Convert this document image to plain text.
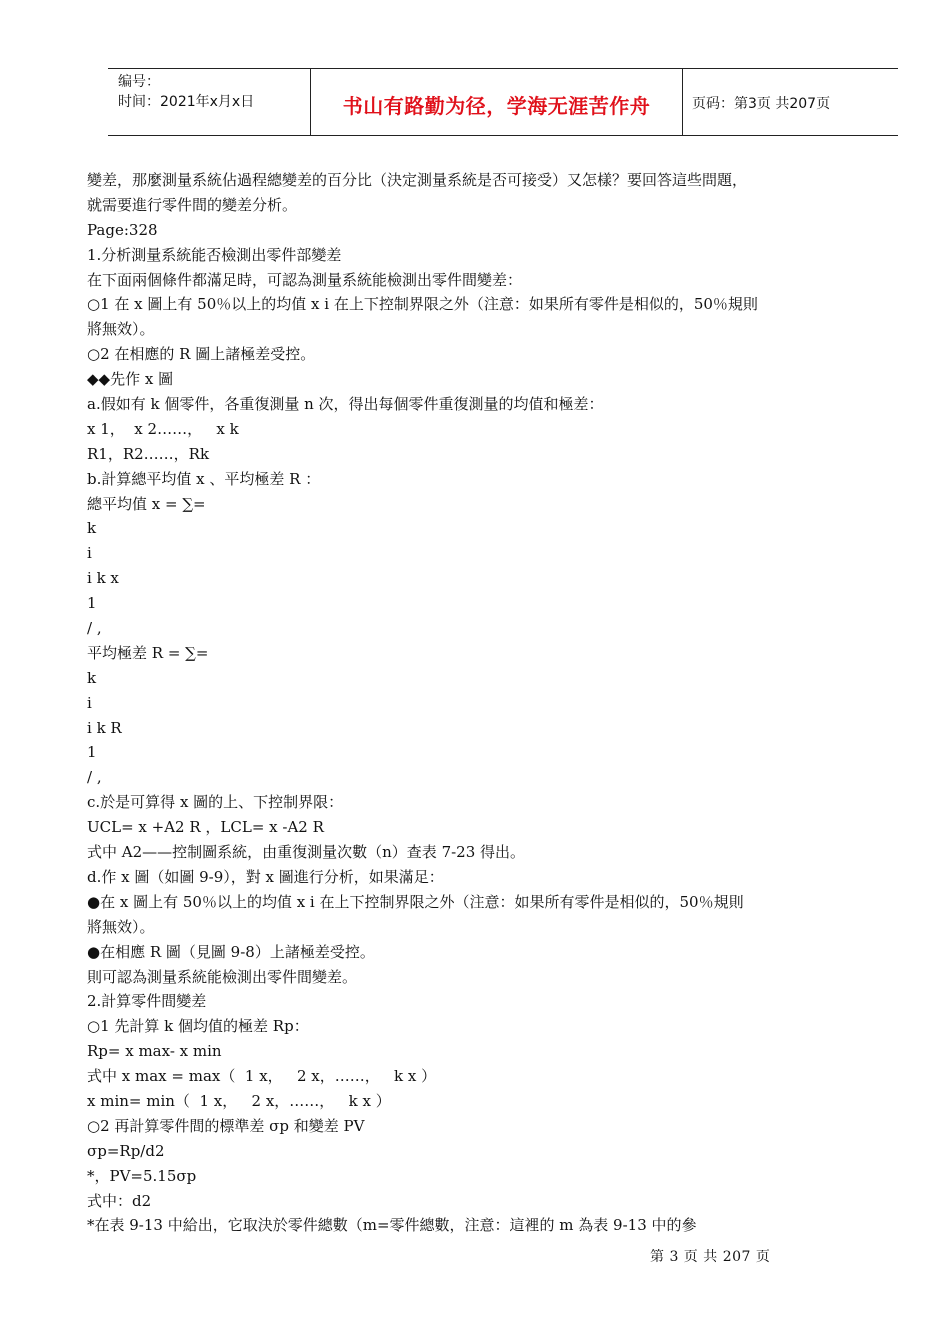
编号：
时间：2021年x月x日	书山有路勤为径，学海无涯苦作舟	页码：第3页 共207页
變差，那麼測量系統佔過程總變差的百分比（決定測量系統是否可接受）又怎樣？要回答這些問題，
就需要進行零件間的變差分析。
Page:328
1.分析測量系統能否檢測出零件部變差
在下面兩個條件都滿足時，可認為測量系統能檢測出零件間變差：
○1 在 x 圖上有 50％以上的均值 x i 在上下控制界限之外（注意：如果所有零件是相似的，50％規則
將無效）。
○2 在相應的 R 圖上諸極差受控。
◆◆先作 x 圖
a.假如有 k 個零件，各重復測量 n 次，得出每個零件重復測量的均值和極差：
x 1，  x 2……，   x k
R1，R2……，Rk
b.計算總平均值 x 、平均極差 R ：
總平均值 x = ∑=
k
i
i k x
1
/ ,
平均極差 R = ∑=
k
i
i k R
1
/ ,
c.於是可算得 x 圖的上、下控制界限：
UCL= x +A2 R ，LCL= x -A2 R
式中 A2——控制圖系統，由重復測量次數（n）查表 7-23 得出。
d.作 x 圖（如圖 9-9），對 x 圖進行分析，如果滿足：
●在 x 圖上有 50％以上的均值 x i 在上下控制界限之外（注意：如果所有零件是相似的，50％規則
將無效）。
●在相應 R 圖（見圖 9-8）上諸極差受控。
則可認為測量系統能檢測出零件間變差。
2.計算零件間變差
○1 先計算 k 個均值的極差 Rp：
Rp= x max- x min
式中 x max = max（  1 x，   2 x，……，   k x ）
x min= min（  1 x，   2 x，……，   k x ）
○2 再計算零件間的標準差 σp 和變差 PV
σp=Rp/d2
*，PV=5.15σp
式中：d2
*在表 9-13 中給出，它取決於零件總數（m=零件總數，注意：這裡的 m 為表 9-13 中的參
第 3 页 共 207 页
